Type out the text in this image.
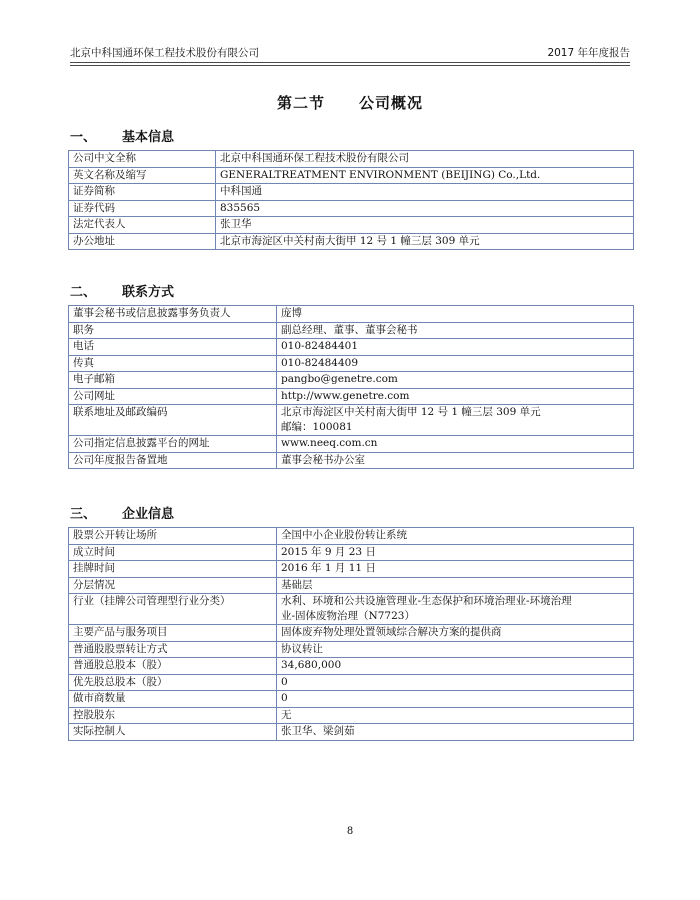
北京中科国通环保工程技术股份有限公司	2017 年年度报告
第二节 公司概况
一、 基本信息
公司中文全称	北京中科国通环保工程技术股份有限公司
英文名称及缩写	GENERALTREATMENT ENVIRONMENT (BEIJING) Co.,Ltd.
证券简称	中科国通
证券代码	835565
法定代表人	张卫华
办公地址	北京市海淀区中关村南大街甲 12 号 1 幢三层 309 单元
二、 联系方式
董事会秘书或信息披露事务负责人	庞博
职务	副总经理、董事、董事会秘书
电话	010-82484401
传真	010-82484409
电子邮箱	pangbo@genetre.com
公司网址	http://www.genetre.com
联系地址及邮政编码	北京市海淀区中关村南大街甲 12 号 1 幢三层 309 单元
邮编：100081

公司指定信息披露平台的网址	www.neeq.com.cn
公司年度报告备置地	董事会秘书办公室
三、 企业信息
股票公开转让场所	全国中小企业股份转让系统
成立时间	2015 年 9 月 23 日
挂牌时间	2016 年 1 月 11 日
分层情况	基础层
行业（挂牌公司管理型行业分类）	水利、环境和公共设施管理业-生态保护和环境治理业-环境治理
业-固体废物治理（N7723）

主要产品与服务项目	固体废弃物处理处置领域综合解决方案的提供商
普通股股票转让方式	协议转让
普通股总股本（股）	34,680,000
优先股总股本（股）	0
做市商数量	0
控股股东	无
实际控制人	张卫华、梁剑茹
8
